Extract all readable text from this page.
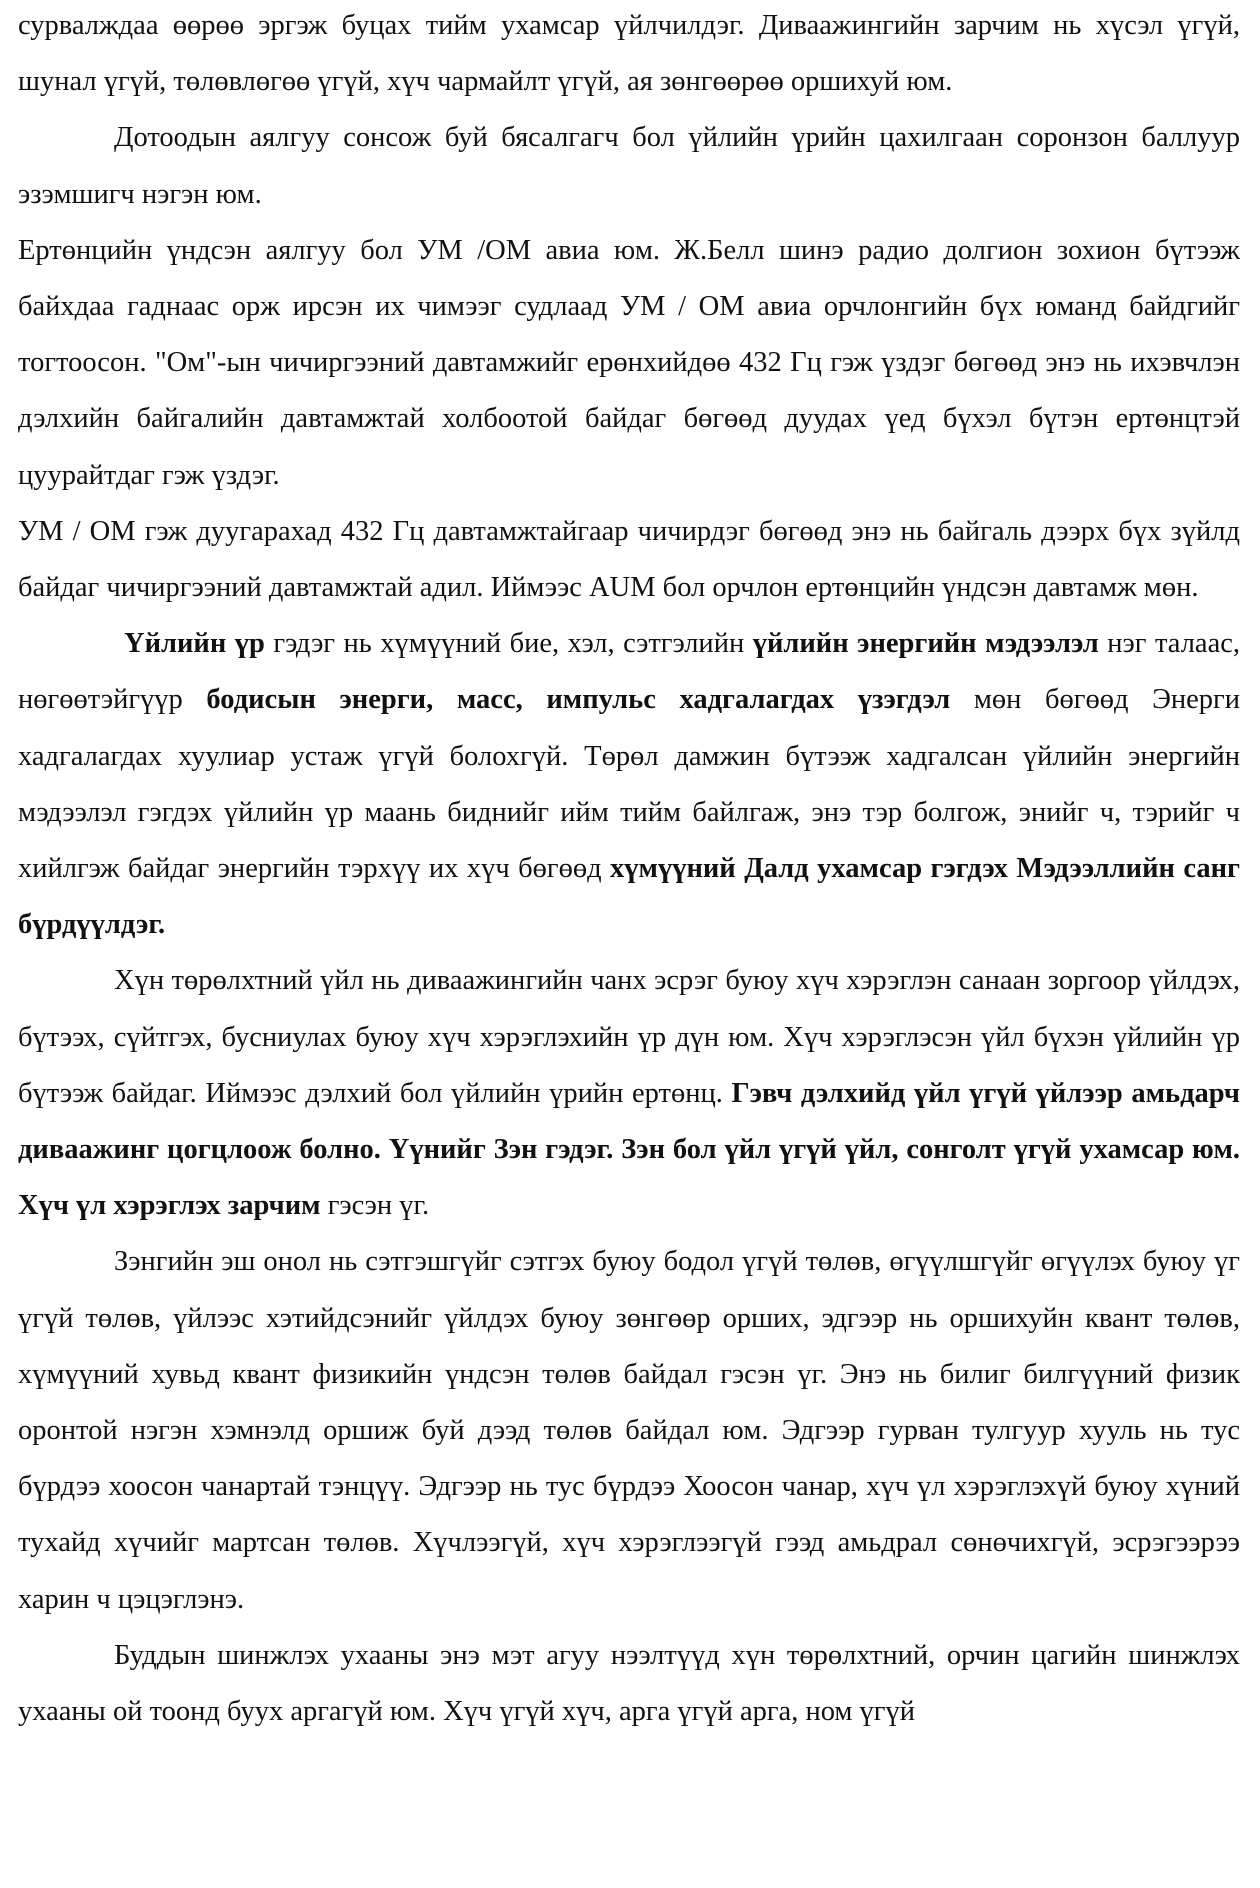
сурвалждаа өөрөө эргэж буцах тийм ухамсар үйлчилдэг. Диваажингийн зарчим нь хүсэл үгүй, шунал үгүй, төлөвлөгөө үгүй, хүч чармайлт үгүй, ая зөнгөөрөө оршихуй юм.

Дотоодын аялгуу сонсож буй бясалгагч бол үйлийн үрийн цахилгаан соронзон баллуур эзэмшигч нэгэн юм.

Ертөнцийн үндсэн аялгуу бол УМ /ОМ авиа юм. Ж.Белл шинэ радио долгион зохион бүтээж байхдаа гаднаас орж ирсэн их чимээг судлаад УМ / ОМ авиа орчлонгийн бүх юманд байдгийг тогтоосон. "Ом"-ын чичиргээний давтамжийг ерөнхийдөө 432 Гц гэж үздэг бөгөөд энэ нь ихэвчлэн дэлхийн байгалийн давтамжтай холбоотой байдаг бөгөөд дуудах үед бүхэл бүтэн ертөнцтэй цуурайтдаг гэж үздэг.

УМ / ОМ гэж дуугарахад 432 Гц давтамжтайгаар чичирдэг бөгөөд энэ нь байгаль дээрх бүх зүйлд байдаг чичиргээний давтамжтай адил. Иймээс AUM бол орчлон ертөнцийн үндсэн давтамж мөн.

Үйлийн үр гэдэг нь хүмүүний бие, хэл, сэтгэлийн үйлийн энергийн мэдээлэл нэг талаас, нөгөөтэйгүүр бодисын энерги, масс, импульс хадгалагдах үзэгдэл мөн бөгөөд Энерги хадгалагдах хуулиар устаж үгүй болохгүй. Төрөл дамжин бүтээж хадгалсан үйлийн энергийн мэдээлэл гэгдэх үйлийн үр маань биднийг ийм тийм байлгаж, энэ тэр болгож, энийг ч, тэрийг ч хийлгэж байдаг энергийн тэрхүү их хүч бөгөөд хүмүүний Далд ухамсар гэгдэх Мэдээллийн санг бүрдүүлдэг.

Хүн төрөлхтний үйл нь диваажингийн чанх эсрэг буюу хүч хэрэглэн санаан зоргоор үйлдэх, бүтээх, сүйтгэх, бусниулах буюу хүч хэрэглэхийн үр дүн юм. Хүч хэрэглэсэн үйл бүхэн үйлийн үр бүтээж байдаг. Иймээс дэлхий бол үйлийн үрийн ертөнц. Гэвч дэлхийд үйл үгүй үйлээр амьдарч диваажинг цогцлоож болно. Үүнийг Зэн гэдэг. Зэн бол үйл үгүй үйл, сонголт үгүй ухамсар юм. Хүч үл хэрэглэх зарчим гэсэн үг.

Зэнгийн эш онол нь сэтгэшгүйг сэтгэх буюу бодол үгүй төлөв, өгүүлшгүйг өгүүлэх буюу үг үгүй төлөв, үйлээс хэтийдсэнийг үйлдэх буюу зөнгөөр оршиx, эдгээр нь оршихуйн квант төлөв, хүмүүний хувьд квант физикийн үндсэн төлөв байдал гэсэн үг. Энэ нь билиг билгүүний физик оронтой нэгэн хэмнэлд оршиж буй дээд төлөв байдал юм. Эдгээр гурван тулгуур хууль нь тус бүрдээ хоосон чанартай тэнцүү. Эдгээр нь тус бүрдээ Хоосон чанар, хүч үл хэрэглэхүй буюу хүний тухайд хүчийг мартсан төлөв. Хүчлээгүй, хүч хэрэглээгүй гээд амьдрал сөнөчихгүй, эсрэгээрээ харин ч цэцэглэнэ.

Буддын шинжлэх ухааны энэ мэт агуу нээлтүүд хүн төрөлхтний, орчин цагийн шинжлэх ухааны ой тоонд буух аргагүй юм. Хүч үгүй хүч, арга үгүй арга, ном үгүй
